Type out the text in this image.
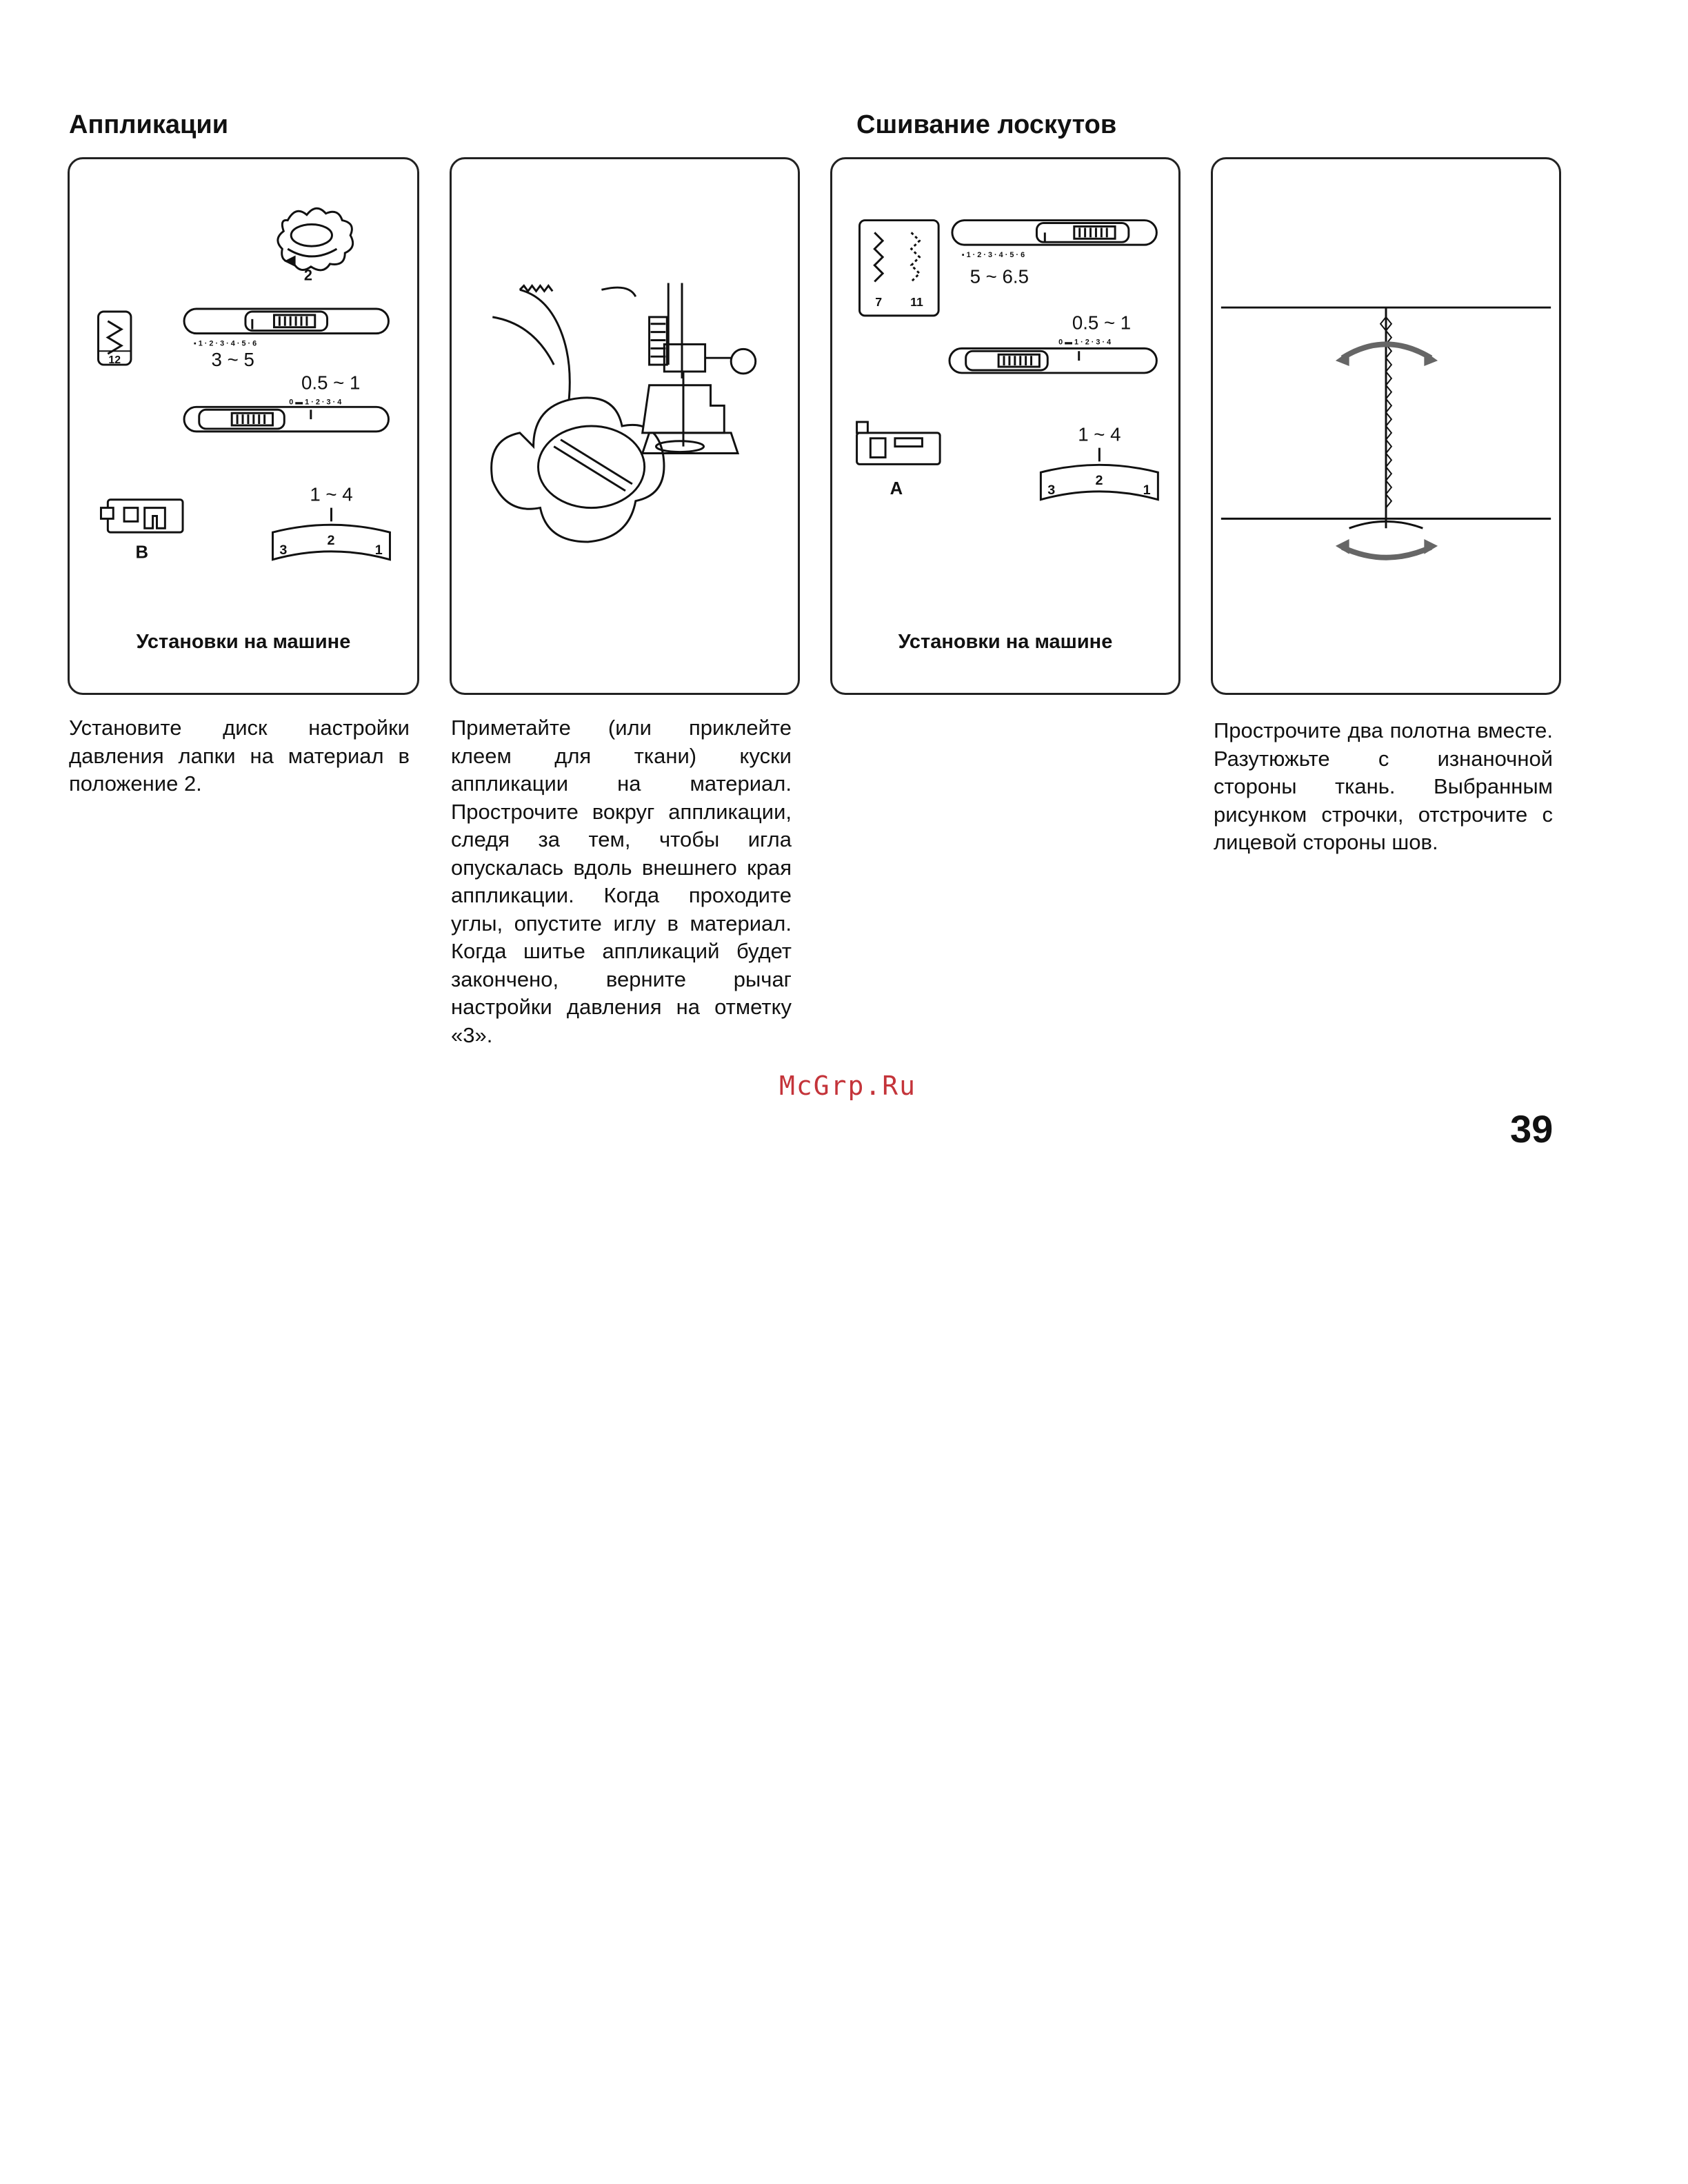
Аппликации	Сшивание лоскутов
2
12
▪ 1 · 2 · 3 · 4 · 5 · 6
3 ~ 5
0.5 ~ 1
0 ▬ 1 · 2 · 3 · 4
B
1 ~ 4
3
2
1
Установки на машине
7 11
▪ 1 · 2 · 3 · 4 · 5 · 6
5 ~ 6.5
0.5 ~ 1
0 ▬ 1 · 2 · 3 · 4
A
1 ~ 4
3
2
1
Установки на машине

Установите диск настройки давления лапки на материал в положение 2.

Приметайте (или приклейте клеем для ткани) куски аппликации на материал. Прострочите вокруг аппликации, следя за тем, чтобы игла опускалась вдоль внешнего края аппликации. Когда проходите углы, опустите иглу в материал. Когда шитье аппликаций будет закончено, верните рычаг настройки давления на отметку «3».

Прострочите два полотна вместе. Разутюжьте с изнаночной стороны ткань. Выбранным рисунком строчки, отстрочите с лицевой стороны шов.

McGrp.Ru
39
